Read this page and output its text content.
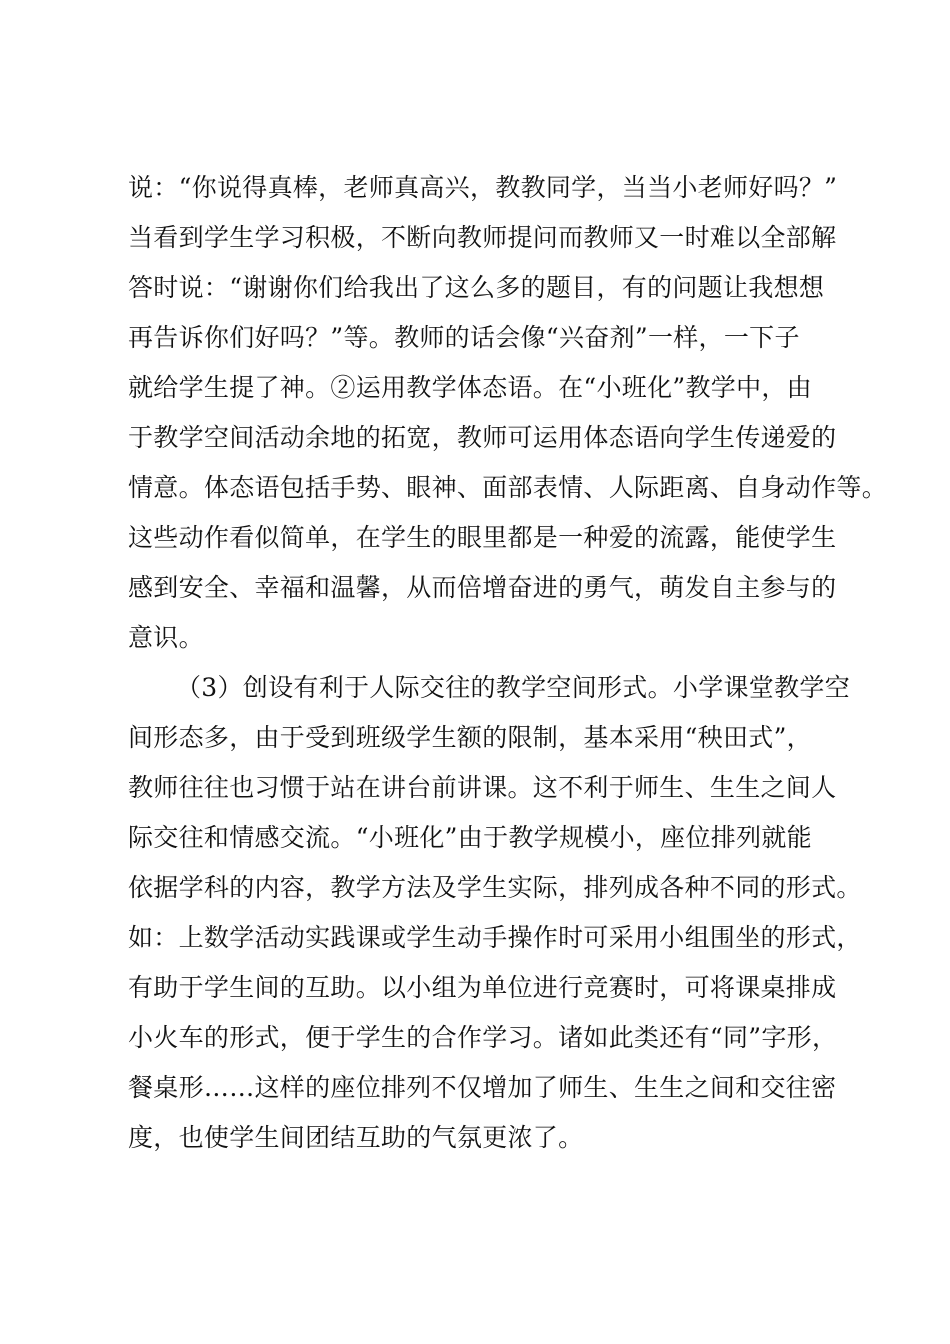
说：“你说得真棒，老师真高兴，教教同学，当当小老师好吗？”
当看到学生学习积极，不断向教师提问而教师又一时难以全部解
答时说：“谢谢你们给我出了这么多的题目，有的问题让我想想
再告诉你们好吗？”等。教师的话会像“兴奋剂”一样，一下子
就给学生提了神。②运用教学体态语。在“小班化”教学中，由
于教学空间活动余地的拓宽，教师可运用体态语向学生传递爱的
情意。体态语包括手势、眼神、面部表情、人际距离、自身动作等。
这些动作看似简单，在学生的眼里都是一种爱的流露，能使学生
感到安全、幸福和温馨，从而倍增奋进的勇气，萌发自主参与的
意识。
（3）创设有利于人际交往的教学空间形式。小学课堂教学空
间形态多，由于受到班级学生额的限制，基本采用“秧田式”，
教师往往也习惯于站在讲台前讲课。这不利于师生、生生之间人
际交往和情感交流。“小班化”由于教学规模小，座位排列就能
依据学科的内容，教学方法及学生实际，排列成各种不同的形式。
如：上数学活动实践课或学生动手操作时可采用小组围坐的形式，
有助于学生间的互助。以小组为单位进行竞赛时，可将课桌排成
小火车的形式，便于学生的合作学习。诸如此类还有“同”字形，
餐桌形……这样的座位排列不仅增加了师生、生生之间和交往密
度，也使学生间团结互助的气氛更浓了。
